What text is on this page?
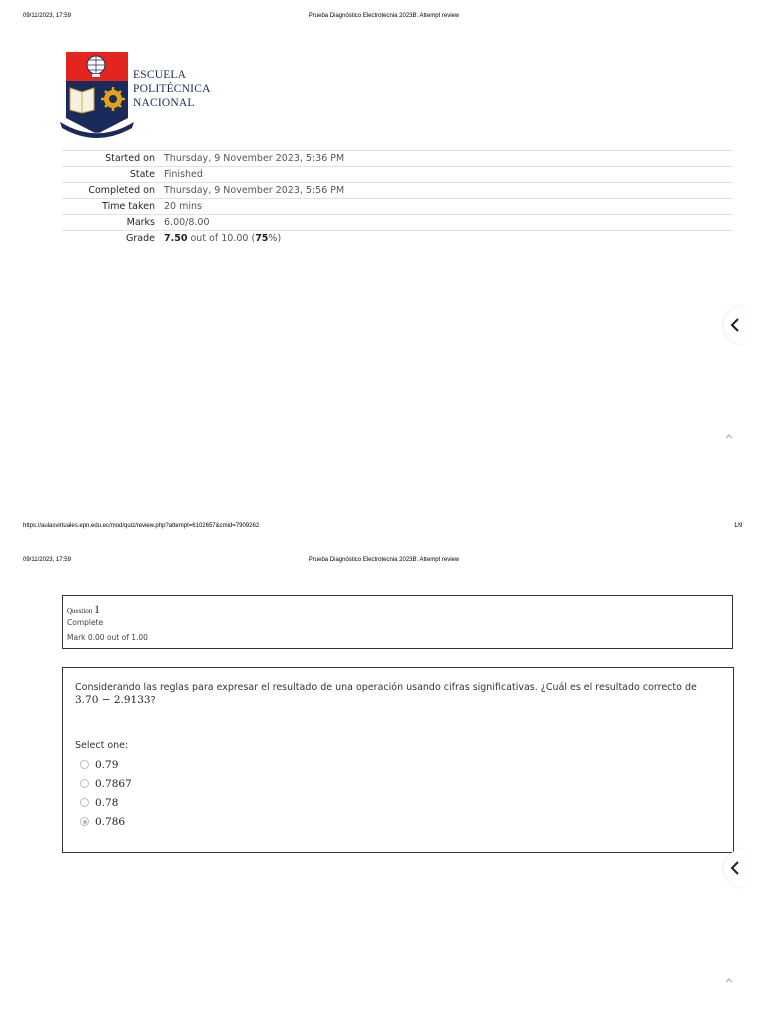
09/11/2023, 17:59	Prueba Diagnóstico Electrotecnia 2023B: Attempt review
ESCUELA
POLITÉCNICA
NACIONAL
Started on Thursday, 9 November 2023, 5:36 PM
State Finished
Completed on Thursday, 9 November 2023, 5:56 PM
Time taken 20 mins
Marks 6.00/8.00
Grade 7.50 out of 10.00 (75%)
https://aulasvirtuales.epn.edu.ec/mod/quiz/review.php?attempt=6102657&cmid=7909262	1/9
09/11/2023, 17:59	Prueba Diagnóstico Electrotecnia 2023B: Attempt review
Question 1
Complete
Mark 0.00 out of 1.00
Considerando las reglas para expresar el resultado de una operación usando cifras significativas. ¿Cuál es el resultado correcto de
3.70 − 2.9133?
Select one:
0.79
0.7867
0.78
0.786
